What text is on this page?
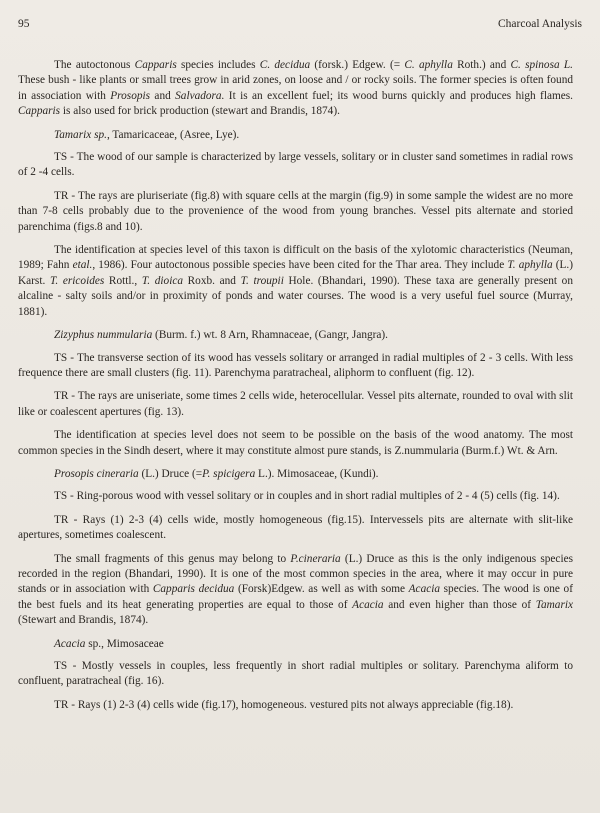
95	Charcoal Analysis

The autoctonous Capparis species includes C. decidua (forsk.) Edgew. (= C. aphylla Roth.) and C. spinosa L. These bush - like plants or small trees grow in arid zones, on loose and / or rocky soils. The former species is often found in association with Prosopis and Salvadora. It is an excellent fuel; its wood burns quickly and produces high flames. Capparis is also used for brick production (stewart and Brandis, 1874).

Tamarix sp., Tamaricaceae, (Asree, Lye).

TS - The wood of our sample is characterized by large vessels, solitary or in cluster sand sometimes in radial rows of 2 -4 cells.

TR - The rays are pluriseriate (fig.8) with square cells at the margin (fig.9) in some sample the widest are no more than 7-8 cells probably due to the provenience of the wood from young branches. Vessel pits alternate and storied parenchima (figs.8 and 10).

The identification at species level of this taxon is difficult on the basis of the xylotomic characteristics (Neuman, 1989; Fahn etal., 1986). Four autoctonous possible species have been cited for the Thar area. They include T. aphylla (L.) Karst. T. ericoides Rottl., T. dioica Roxb. and T. troupii Hole. (Bhandari, 1990). These taxa are generally present on alcaline - salty soils and/or in proximity of ponds and water courses. The wood is a very useful fuel source (Murray, 1881).

Zizyphus nummularia (Burm. f.) wt. 8 Arn, Rhamnaceae, (Gangr, Jangra).

TS - The transverse section of its wood has vessels solitary or arranged in radial multiples of 2 - 3 cells. With less frequence there are small clusters (fig. 11). Parenchyma paratracheal, aliphorm to confluent (fig. 12).

TR - The rays are uniseriate, some times 2 cells wide, heterocellular. Vessel pits alternate, rounded to oval with slit like or coalescent apertures (fig. 13).

The identification at species level does not seem to be possible on the basis of the wood anatomy. The most common species in the Sindh desert, where it may constitute almost pure stands, is Z.nummularia (Burm.f.) Wt. & Arn.

Prosopis cineraria (L.) Druce (=P. spicigera L.). Mimosaceae, (Kundi).

TS - Ring-porous wood with vessel solitary or in couples and in short radial multiples of 2 - 4 (5) cells (fig. 14).

TR - Rays (1) 2-3 (4) cells wide, mostly homogeneous (fig.15). Intervessels pits are alternate with slit-like apertures, sometimes coalescent.

The small fragments of this genus may belong to P.cineraria (L.) Druce as this is the only indigenous species recorded in the region (Bhandari, 1990). It is one of the most common species in the area, where it may occur in pure stands or in association with Capparis decidua (Forsk)Edgew. as well as with some Acacia species. The wood is one of the best fuels and its heat generating properties are equal to those of Acacia and even higher than those of Tamarix (Stewart and Brandis, 1874).

Acacia sp., Mimosaceae

TS - Mostly vessels in couples, less frequently in short radial multiples or solitary. Parenchyma aliform to confluent, paratracheal (fig. 16).

TR - Rays (1) 2-3 (4) cells wide (fig.17), homogeneous. vestured pits not always appreciable (fig.18).
